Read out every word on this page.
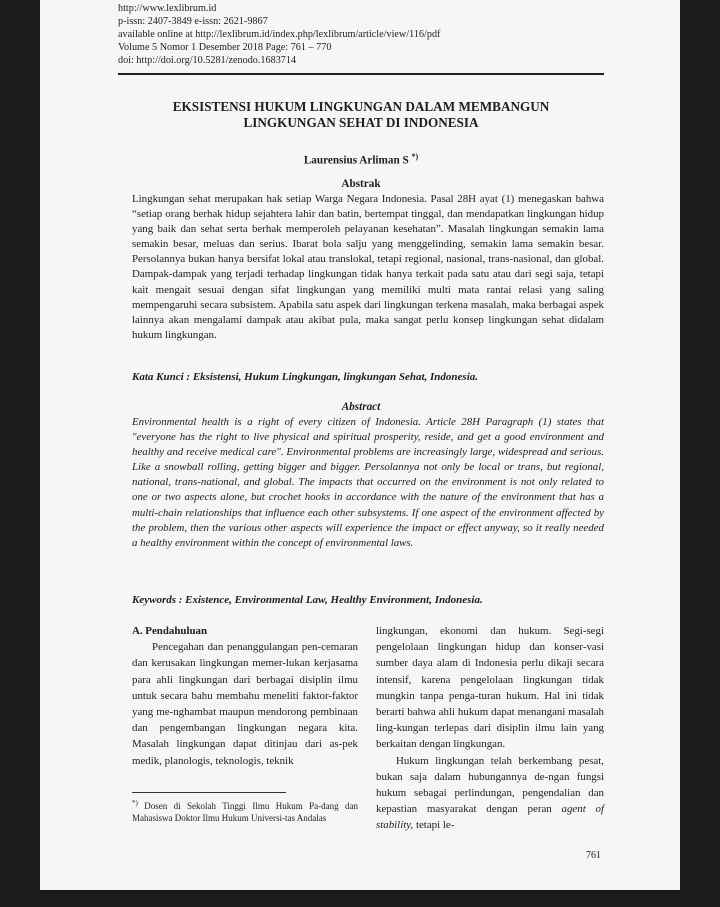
http://www.lexlibrum.id
p-issn: 2407-3849 e-issn: 2621-9867
available online at http://lexlibrum.id/index.php/lexlibrum/article/view/116/pdf
Volume 5 Nomor 1 Desember 2018 Page: 761 – 770
doi: http://doi.org/10.5281/zenodo.1683714
EKSISTENSI HUKUM LINGKUNGAN DALAM MEMBANGUN
LINGKUNGAN SEHAT DI INDONESIA
Laurensius Arliman S *)
Abstrak
Lingkungan sehat merupakan hak setiap Warga Negara Indonesia. Pasal 28H ayat (1) menegaskan bahwa “setiap orang berhak hidup sejahtera lahir dan batin, bertempat tinggal, dan mendapatkan lingkungan hidup yang baik dan sehat serta berhak memperoleh pelayanan kesehatan”. Masalah lingkungan semakin lama semakin besar, meluas dan serius. Ibarat bola salju yang menggelinding, semakin lama semakin besar. Persolannya bukan hanya bersifat lokal atau translokal, tetapi regional, nasional, trans-nasional, dan global. Dampak-dampak yang terjadi terhadap lingkungan tidak hanya terkait pada satu atau dari segi saja, tetapi kait mengait sesuai dengan sifat lingkungan yang memiliki multi mata rantai relasi yang saling mempengaruhi secara subsistem. Apabila satu aspek dari lingkungan terkena masalah, maka berbagai aspek lainnya akan mengalami dampak atau akibat pula, maka sangat perlu konsep lingkungan sehat didalam hukum lingkungan.
Kata Kunci : Eksistensi, Hukum Lingkungan, lingkungan Sehat, Indonesia.
Abstract
Environmental health is a right of every citizen of Indonesia. Article 28H Paragraph (1) states that "everyone has the right to live physical and spiritual prosperity, reside, and get a good environment and healthy and receive medical care". Environmental problems are increasingly large, widespread and serious. Like a snowball rolling, getting bigger and bigger. Persolannya not only be local or trans, but regional, national, trans-national, and global. The impacts that occurred on the environment is not only related to one or two aspects alone, but crochet hooks in accordance with the nature of the environment that has a multi-chain relationships that influence each other subsystems. If one aspect of the environment affected by the problem, then the various other aspects will experience the impact or effect anyway, so it really needed a healthy environment within the concept of environmental laws.
Keywords : Existence, Environmental Law, Healthy Environment, Indonesia.
A. Pendahuluan

Pencegahan dan penanggulangan pen-cemaran dan kerusakan lingkungan memer-lukan kerjasama para ahli lingkungan dari berbagai disiplin ilmu untuk secara bahu membahu meneliti faktor-faktor yang me-nghambat maupun mendorong pembinaan dan pengembangan lingkungan negara kita. Masalah lingkungan dapat ditinjau dari as-pek medik, planologis, teknologis, teknik

lingkungan, ekonomi dan hukum. Segi-segi pengelolaan lingkungan hidup dan konser-vasi sumber daya alam di Indonesia perlu dikaji secara intensif, karena pengelolaan lingkungan tidak mungkin tanpa penga-turan hukum. Hal ini tidak berarti bahwa ahli hukum dapat menangani masalah ling-kungan terlepas dari disiplin ilmu lain yang berkaitan dengan lingkungan.

Hukum lingkungan telah berkembang pesat, bukan saja dalam hubungannya de-ngan fungsi hukum sebagai perlindungan, pengendalian dan kepastian masyarakat dengan peran agent of stability, tetapi le-

*) Dosen di Sekolah Tinggi Ilmu Hukum Pa-dang dan Mahasiswa Doktor Ilmu Hukum Universi-tas Andalas
761
